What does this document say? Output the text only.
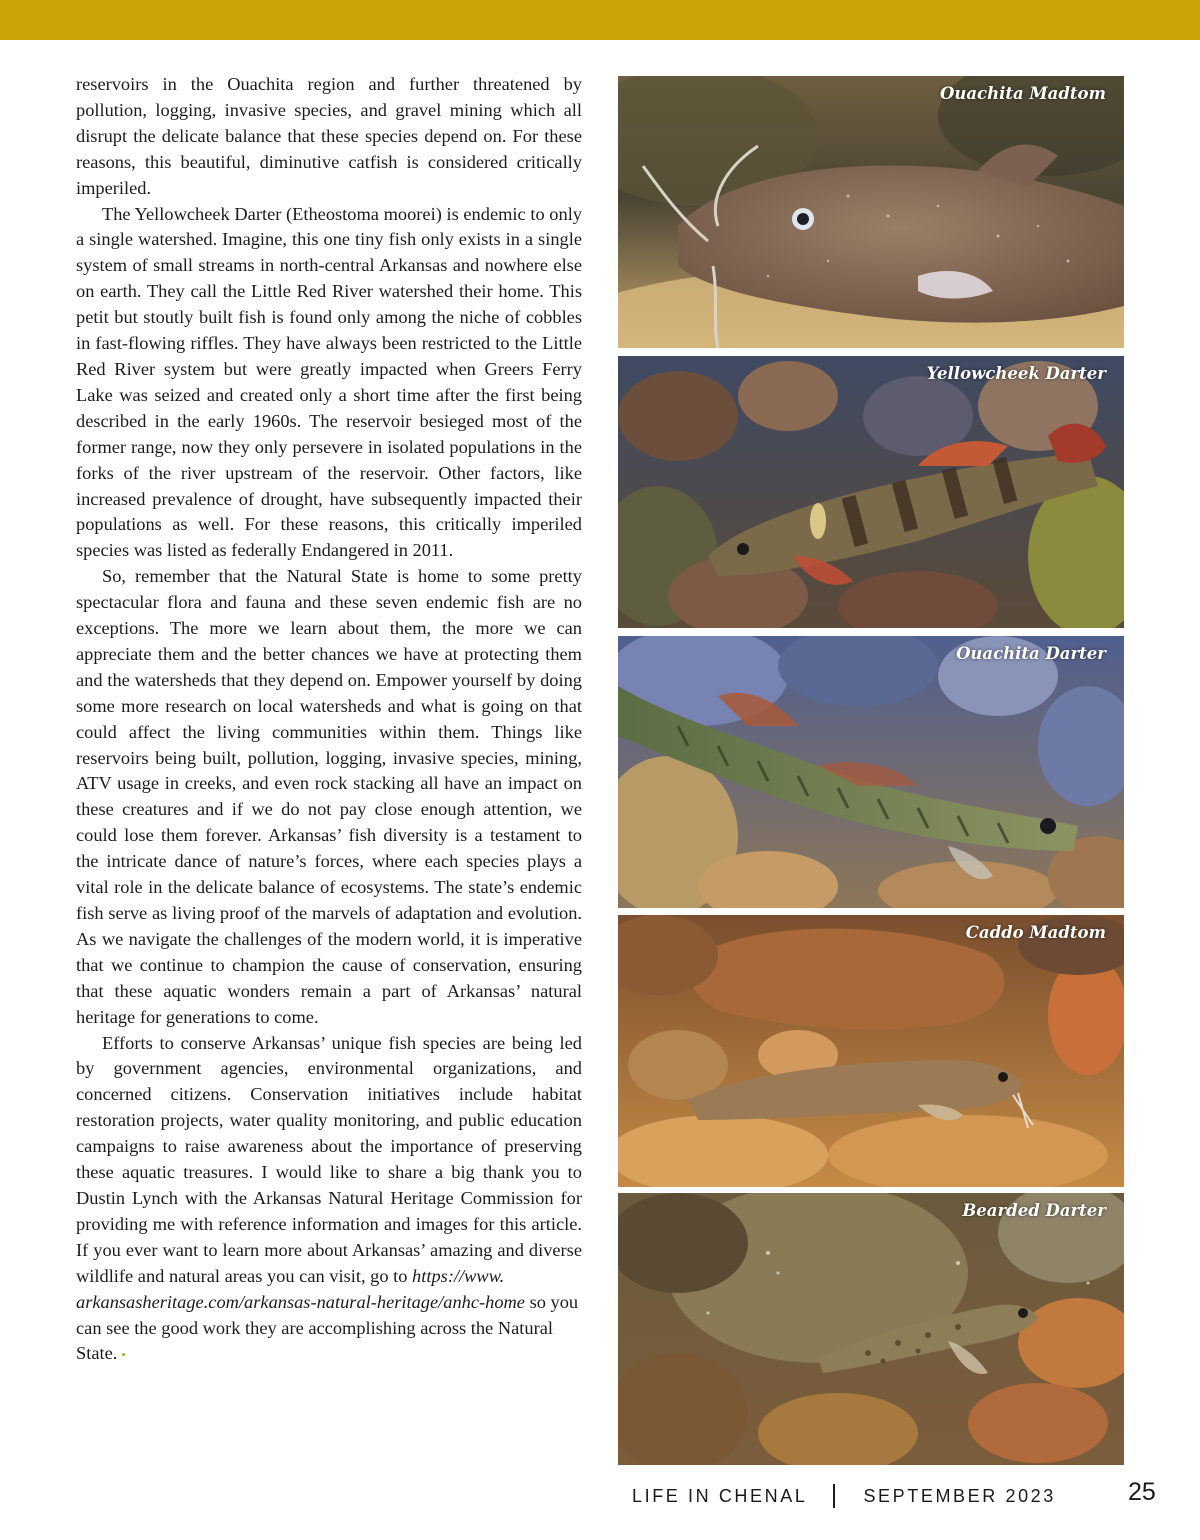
reservoirs in the Ouachita region and further threatened by pollution, logging, invasive species, and gravel mining which all disrupt the delicate balance that these species depend on. For these reasons, this beautiful, diminutive catfish is considered critically imperiled.

The Yellowcheek Darter (Etheostoma moorei) is endemic to only a single watershed. Imagine, this one tiny fish only exists in a single system of small streams in north-central Arkansas and nowhere else on earth. They call the Little Red River watershed their home. This petit but stoutly built fish is found only among the niche of cobbles in fast-flowing riffles. They have always been restricted to the Little Red River system but were greatly impacted when Greers Ferry Lake was seized and created only a short time after the first being described in the early 1960s. The reservoir besieged most of the former range, now they only persevere in isolated populations in the forks of the river upstream of the reservoir. Other factors, like increased prevalence of drought, have subsequently impacted their populations as well. For these reasons, this critically imperiled species was listed as federally Endangered in 2011.

So, remember that the Natural State is home to some pretty spectacular flora and fauna and these seven endemic fish are no exceptions. The more we learn about them, the more we can appreciate them and the better chances we have at protecting them and the watersheds that they depend on. Empower yourself by doing some more research on local watersheds and what is going on that could affect the living communities within them. Things like reservoirs being built, pollution, logging, invasive species, mining, ATV usage in creeks, and even rock stacking all have an impact on these creatures and if we do not pay close enough attention, we could lose them forever. Arkansas’ fish diversity is a testament to the intricate dance of nature’s forces, where each species plays a vital role in the delicate balance of ecosystems. The state’s endemic fish serve as living proof of the marvels of adaptation and evolution. As we navigate the challenges of the modern world, it is imperative that we continue to champion the cause of conservation, ensuring that these aquatic wonders remain a part of Arkansas’ natural heritage for generations to come.

Efforts to conserve Arkansas’ unique fish species are being led by government agencies, environmental organizations, and concerned citizens. Conservation initiatives include habitat restoration projects, water quality monitoring, and public education campaigns to raise awareness about the importance of preserving these aquatic treasures. I would like to share a big thank you to Dustin Lynch with the Arkansas Natural Heritage Commission for providing me with reference information and images for this article. If you ever want to learn more about Arkansas’ amazing and diverse wildlife and natural areas you can visit, go to https://www.

arkansasheritage.com/arkansas-natural-heritage/anhc-home so you can see the good work they are accomplishing across the Natural State. •

Ouachita Madtom
Yellowcheek Darter
Ouachita Darter
Caddo Madtom
Bearded Darter
LIFE IN CHENAL	SEPTEMBER 2023	25
